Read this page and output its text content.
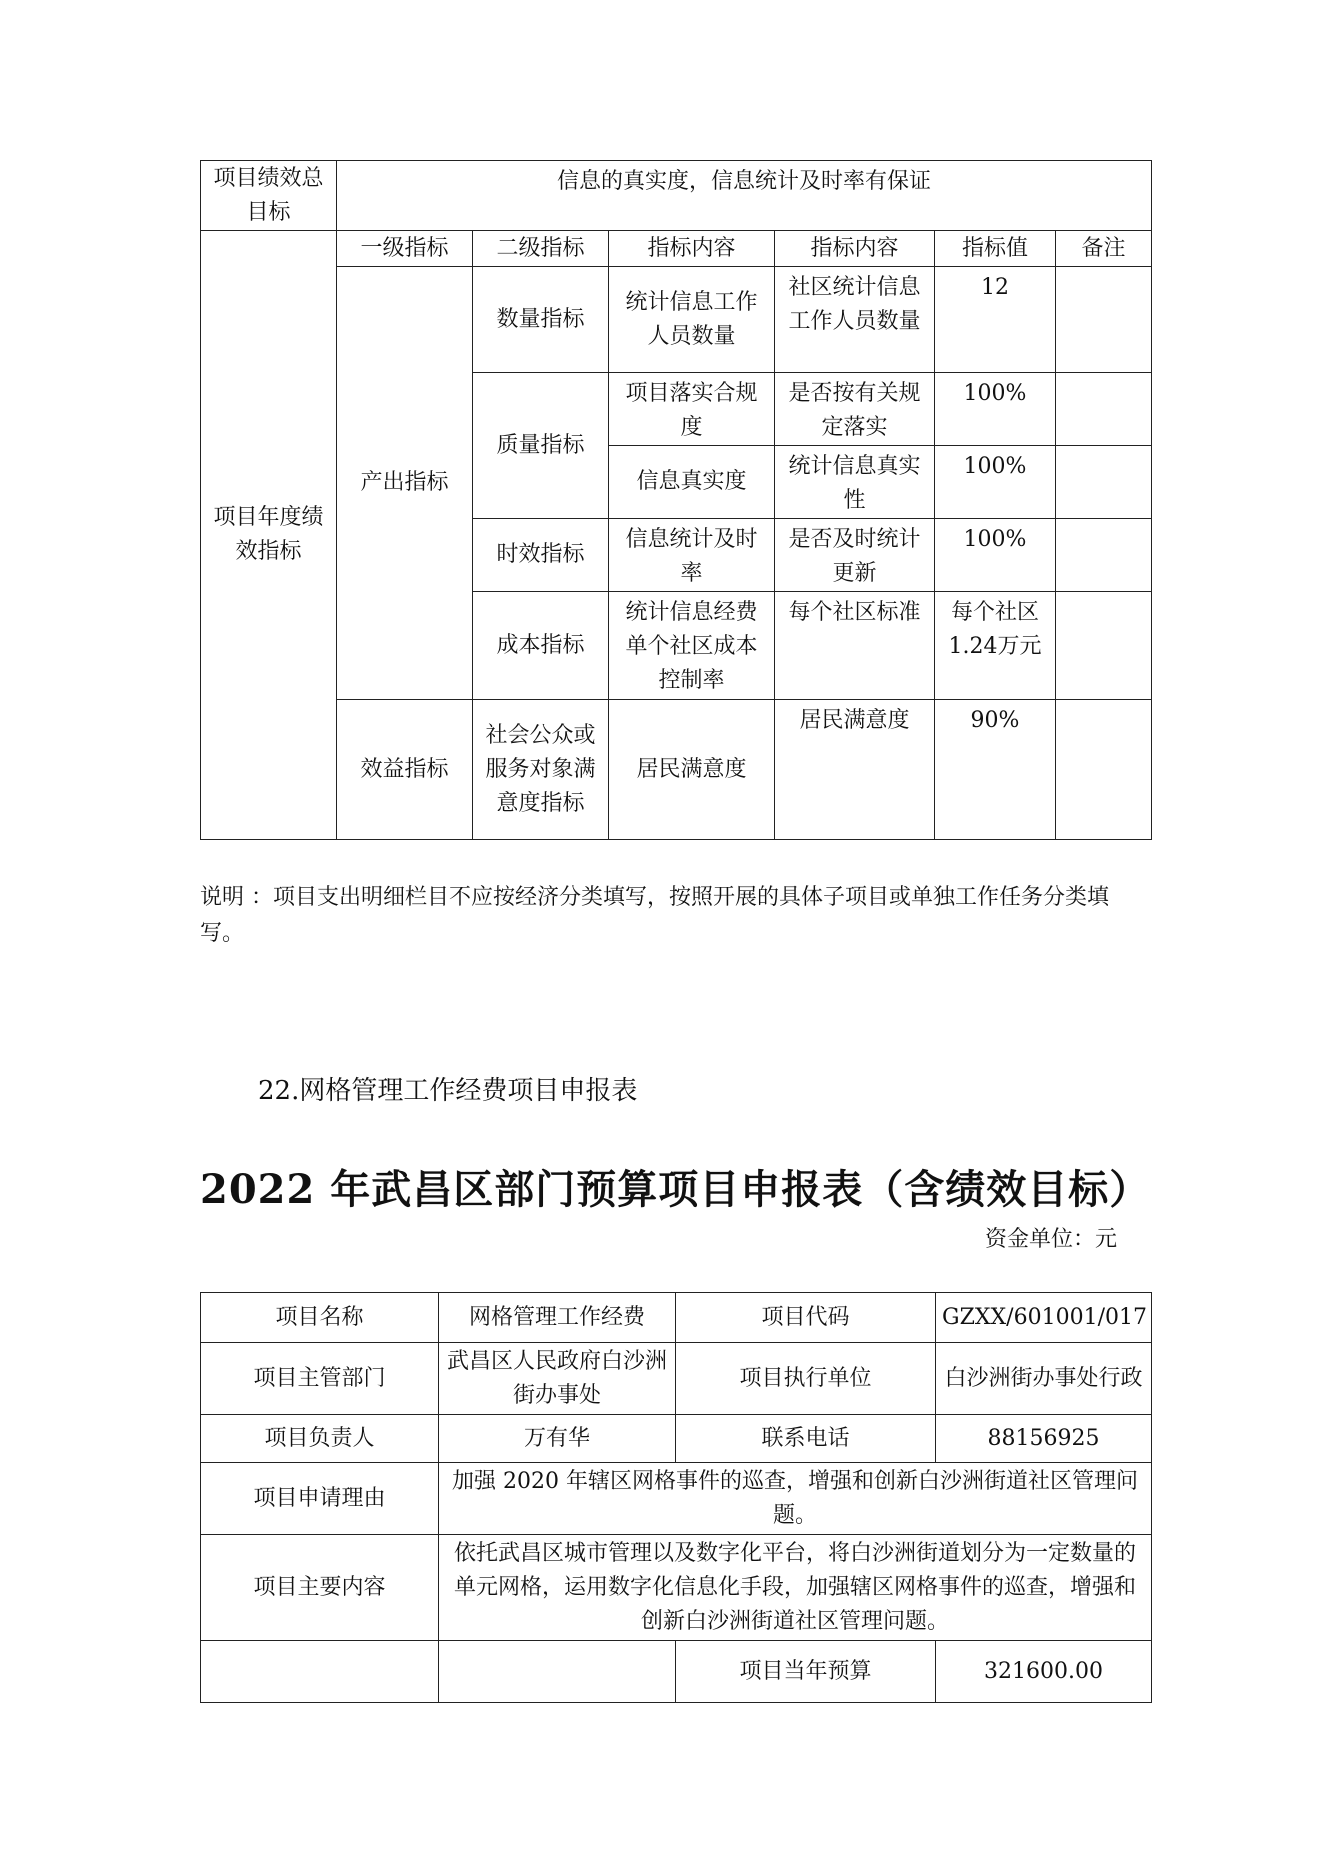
项目绩效总目标	信息的真实度，信息统计及时率有保证					
项目年度绩效指标	一级指标	二级指标	指标内容	指标内容	指标值	备注
	产出指标	数量指标	统计信息工作人员数量	社区统计信息工作人员数量	12	
		质量指标	项目落实合规度	是否按有关规定落实	100%	
			信息真实度	统计信息真实性	100%	
		时效指标	信息统计及时率	是否及时统计更新	100%	
		成本指标	统计信息经费单个社区成本控制率	每个社区标准	每个社区1.24万元	
	效益指标	社会公众或服务对象满意度指标	居民满意度	居民满意度	90%	
说明 ：项目支出明细栏目不应按经济分类填写，按照开展的具体子项目或单独工作任务分类填写。
22.网格管理工作经费项目申报表
2022 年武昌区部门预算项目申报表（含绩效目标）
资金单位：元
项目名称	网格管理工作经费	项目代码	GZXX/601001/017
项目主管部门	武昌区人民政府白沙洲街办事处	项目执行单位	白沙洲街办事处行政
项目负责人	万有华	联系电话	88156925
项目申请理由	加强 2020 年辖区网格事件的巡查，增强和创新白沙洲街道社区管理问题。		
项目主要内容	依托武昌区城市管理以及数字化平台，将白沙洲街道划分为一定数量的单元网格，运用数字化信息化手段，加强辖区网格事件的巡查，增强和创新白沙洲街道社区管理问题。		
		项目当年预算	321600.00
